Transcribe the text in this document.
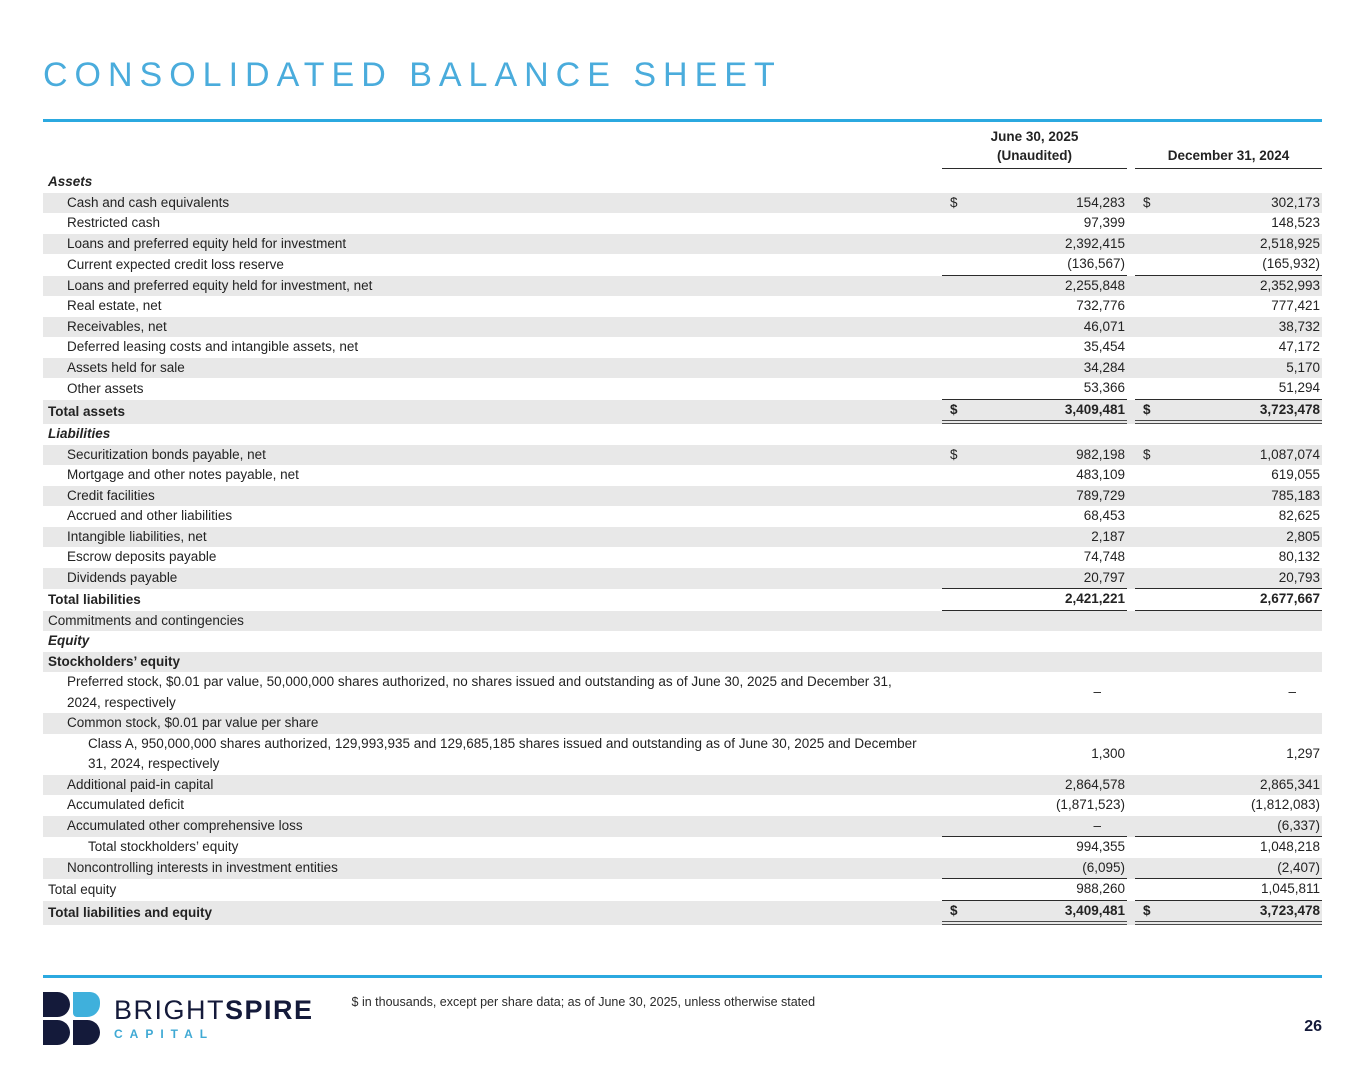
CONSOLIDATED BALANCE SHEET
June 30, 2025
(Unaudited)	December 31, 2024
Assets
Cash and cash equivalents	$	154,283 $	302,173
Restricted cash	97,399	148,523
Loans and preferred equity held for investment	2,392,415	2,518,925
Current expected credit loss reserve	(136,567)	(165,932)
Loans and preferred equity held for investment, net	2,255,848	2,352,993
Real estate, net	732,776	777,421
Receivables, net	46,071	38,732
Deferred leasing costs and intangible assets, net	35,454	47,172
Assets held for sale	34,284	5,170
Other assets	53,366	51,294
Total assets	$	3,409,481 $	3,723,478
Liabilities
Securitization bonds payable, net	$	982,198 $	1,087,074
Mortgage and other notes payable, net	483,109	619,055
Credit facilities	789,729	785,183
Accrued and other liabilities	68,453	82,625
Intangible liabilities, net	2,187	2,805
Escrow deposits payable	74,748	80,132
Dividends payable	20,797	20,793
Total liabilities	2,421,221	2,677,667
Commitments and contingencies
Equity
Stockholders’ equity
Preferred stock, $0.01 par value, 50,000,000 shares authorized, no shares issued and outstanding as of June 30, 2025 and December 31, 2024, respectively
–	–
Common stock, $0.01 par value per share
Class A, 950,000,000 shares authorized, 129,993,935 and 129,685,185 shares issued and outstanding as of June 30, 2025 and December 31, 2024, respectively
1,300	1,297
Additional paid-in capital	2,864,578	2,865,341
Accumulated deficit	(1,871,523)	(1,812,083)
Accumulated other comprehensive loss	–	(6,337)
Total stockholders’ equity	994,355	1,048,218
Noncontrolling interests in investment entities	(6,095)	(2,407)
Total equity	988,260	1,045,811
Total liabilities and equity	$	3,409,481 $	3,723,478
BRIGHTSPIRE
CAPITAL
$ in thousands, except per share data; as of June 30, 2025, unless otherwise stated
26
